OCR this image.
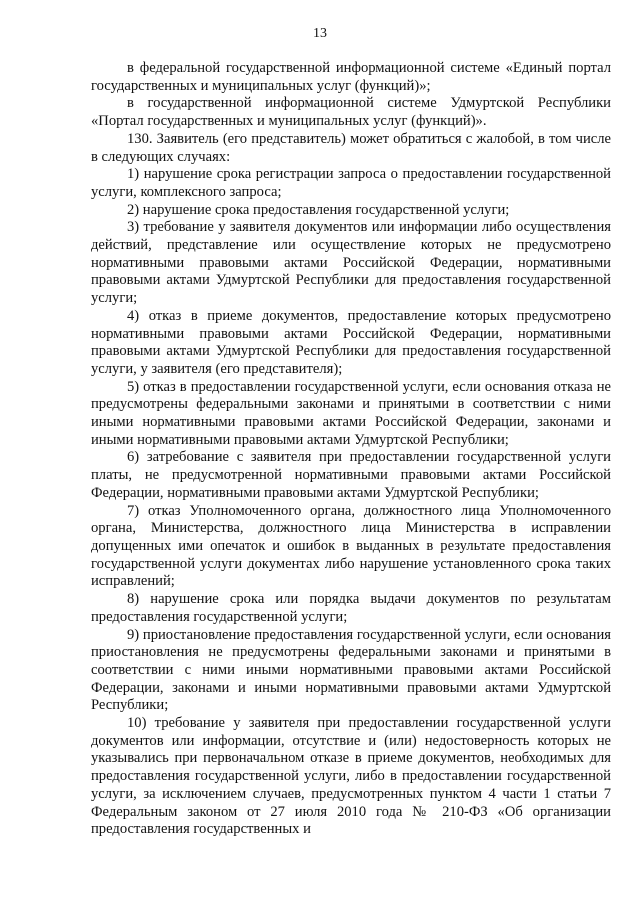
13

в федеральной государственной информационной системе «Единый портал государственных и муниципальных услуг (функций)»;

в государственной информационной системе Удмуртской Республики «Портал государственных и муниципальных услуг (функций)».

130. Заявитель (его представитель) может обратиться с жалобой, в том числе в следующих случаях:

1) нарушение срока регистрации запроса о предоставлении государственной услуги, комплексного запроса;

2) нарушение срока предоставления государственной услуги;

3) требование у заявителя документов или информации либо осуществления действий, представление или осуществление которых не предусмотрено нормативными правовыми актами Российской Федерации, нормативными правовыми актами Удмуртской Республики для предоставления государственной услуги;

4) отказ в приеме документов, предоставление которых предусмотрено нормативными правовыми актами Российской Федерации, нормативными правовыми актами Удмуртской Республики для предоставления государственной услуги, у заявителя (его представителя);

5) отказ в предоставлении государственной услуги, если основания отказа не предусмотрены федеральными законами и принятыми в соответствии с ними иными нормативными правовыми актами Российской Федерации, законами и иными нормативными правовыми актами Удмуртской Республики;

6) затребование с заявителя при предоставлении государственной услуги платы, не предусмотренной нормативными правовыми актами Российской Федерации, нормативными правовыми актами Удмуртской Республики;

7) отказ Уполномоченного органа, должностного лица Уполномоченного органа, Министерства, должностного лица Министерства в исправлении допущенных ими опечаток и ошибок в выданных в результате предоставления государственной услуги документах либо нарушение установленного срока таких исправлений;

8) нарушение срока или порядка выдачи документов по результатам предоставления государственной услуги;

9) приостановление предоставления государственной услуги, если основания приостановления не предусмотрены федеральными законами и принятыми в соответствии с ними иными нормативными правовыми актами Российской Федерации, законами и иными нормативными правовыми актами Удмуртской Республики;

10) требование у заявителя при предоставлении государственной услуги документов или информации, отсутствие и (или) недостоверность которых не указывались при первоначальном отказе в приеме документов, необходимых для предоставления государственной услуги, либо в предоставлении государственной услуги, за исключением случаев, предусмотренных пунктом 4 части 1 статьи 7 Федеральным законом от 27 июля 2010 года № 210-ФЗ «Об организации предоставления государственных и
